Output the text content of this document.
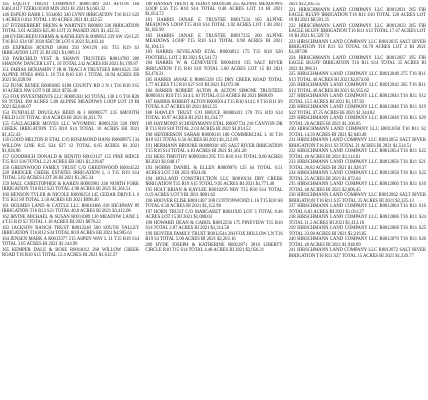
145 EQUITY TRUST COMPANY R0007489 250 AFTON OR E461,0117 TZERL01369 MIN 2021 B/ 2021 $1,663.32

146 ESPEJO BARB L 9334063 340 LYNN IRRIGATION T16 R13 S22 1 ACRES 0.034 TOTAL 1.09 ACRES 2021 $1,432.55

147 FITZHERBERT BRENS & WARTNEY R00669 330 IRRIGATION TOTAL 5.01 ACRES $25.00 LOT 23 PASSED 2021 $1,432.55

148 EVERGREEN FARMS & KATHLEEN R 0009853 239 SW 150 L25 T16 R13 S34 OF 2020 $567.90 LOT 6 2021 $1,463.16

149 EXPRESS ROUND 10684 250 SW11N 161 T15 R19 S3 IRRIGATION LOT 25 BI 2021 $1,089.12

150 FAIRCHILD VEST & SHAWN TRUSTEES R0014780 280 SHADOW DANCER LST L 10 TOTAL 242 ACRES EB 2021 $1,199.87

151 FARIAS BENJAMIN T JR & TRACI A TRUSTEES R0016321 350 ALPINE PINES 0003 L 10 T16 R10 S16 1 TOTAL 10.94 ACRES EB 2021 $1,020.90

152 FUNK RENEE R0003865 S180 COUNTY RD 3 N 1 T16 R10 S15 10 ACRES NW LOT 9 BI 2021 $756.40

153 FOX INVESTMENTS LLC R0005932 R3 TOTAL 130 L 0 T16 R20 S9 TOTAL 490 ACRES 5.00 ALPINE MEADOWS LOOP LOT 19 BI 2021 $2,846.07

154 FUNDALIZ DOUGLAS REED & J R0006577 235 SMOOTH FIELD LOT TOTAL 10.0 ACRES BI 2021 $1,021.79

155 GALLAGHER MOVES LLC WYOMING R0001258 320 DRY CREEK IRRIGATION T15 R18 S14 TOTAL 10 ACRES EB 2021 $1,452.43

156 GOOD MELTON R ETAL C/O ROSEMOND HANS R0009875 134 WILLOW LINE R15 S24 S27 12 TOTAL 6.65 ACRES BI 2021 $1,034.96

157 GOODRICH DONALD & BENITO R0013127 155 PINE RIDGE T15 R11 S16 TOTAL 2.21 ACRES EB 2021 $1,218.87

158 GREENWOOD FAMILY TRUST C/O GREENWOOD R0014522 320 BRIDGER CREEK ESTATES IRRIGATION L 3 T15 R19 S14 TOTAL 5.02 ACRES LOT 28 BI 2021 $1,205.34

159 HALL CHRISTOPHER & KAREN R0003901 240 NORTH FORK IRRIGATION T16 R12 S23 TOTAL 4.98 ACRES BI 2021 $1,361.51

160 HENSON TYLER & NICOLE R0006254 145 CEDAR DRIVE L 6 T15 R11 S9 TOTAL 2.50 ACRES EB 2021 $998.40

161 HOLMES LAND & CATTLE LLC R0010466 410 HIGHWAY 89 IRRIGATION T16 R13 S21 TOTAL 40.0 ACRES BI 2021 $3,412.08

162 IRVINE MICHAEL & SUSAN R0011089 130 MEADOW LANE L 4 T15 R19 S3 TOTAL 1.18 ACRES BI 2021 $876.22

163 JACKSON RANCH TRUST R0012240 500 SOUTH VALLEY IRRIGATION T16 R12 S34 TOTAL 80.0 ACRES EB 2021 $4,905.61

164 JENSEN MARK A R0013377 215 ASPEN WAY L 11 T15 R18 S14 TOTAL 3.05 ACRES BI 2021 $1,144.90

165 KEMPER DALE & ROSE R0014012 260 WILLOW CREEK ROAD T16 R10 S15 TOTAL 12.4 ACRES BI 2021 $1,612.37

180 HANSEN TRENT & TEDDY R0010586 255 ALPINE MEADOWS LOOP L16 T15 R10 S14 TOTAL 0.48 ACRES LOT 14 BI 2021 $1,054.72

181 HARRIS JANAE E TRUSTEE R0017234 165 ALPINE MEADOWS LOOP T15 R10 S14 TOTAL 1.02 ACRES LOT 1 BI 2021 $1,185.90

182 HARRIS JANAE E TRUSTEE R0017235 260 ALPINE MEADOWS LOOP T15 R10 S14 TOTAL 0.98 ACRES BI 2021 $1,104.13

183 HARRIS SEVELAND ETAL R0004812 175 T15 R10 S20 FOOTHILL LOT 2 BI 2021 $1,541.73

184 HARRIS W & GENEVIEVE R0004910 135 SALT RIVER IRRIGATION T15 R10 S18 TOTAL 5.00 ACRES LOT 15 BI 2021 $3,476.21

185 HARRIS JANAE E R0005328 155 DRY CREEK ROAD TOTAL 1.77 ACRES T15 R10 S27 S19 BI 2021 $1,072.88

186 HARRIS ROBERT ALTON & ALTON SIMONE TRUSTEES R0005011 R10 T15 S14 L 10 TOTAL 0.53 ACRES BI 2021 $888.09

187 HARRIS ROBERT ALTON R0005014 T15 R10 S14 L 8 T16 R11 S9 TOTAL 0.37 ACRES BI 2021 $612.55

188 HAWLEY TRUST C/O BRUCE R0006433 170 T15 R19 S14 TOTAL 10.97 ACRES BI 2021 $1,234.77

189 HAYMOND SCHOENMANN ETAL R0007734 210 CANYON DR B T15 R10 S10 TOTAL 2.03 ACRES BI 2021 $1,014.52

190 HENDERSON SARAH R0008116 180 COMMERCIAL L 10 T16 R10 S31 TOTAL 0.56 ACRES BI 2021 $1,212.89

191 HERMANN BROOKE R0008920 185 SALT RIVER IRRIGATION T15 R10 S14 TOTAL 4.10 ACRES BI 2021 $1,361.20

192 HESS TIMOTHY R0009204 295 T15 R10 S14 TOTAL 0.60 ACRES BI 2021 $1,048.17

193 HOBBS DANIEL & ELLEN R0009876 125 S4 TOTAL 0.51 ACRES LOT 3 BI 2021 $924.66

194 HOLLAND CONSTRUCTION LLC R0010134 DRY CREEK IRRIGATION T15 R19 S15 TOTAL 9.95 ACRES BI 2021 $1,771.40

195 HOLT BRIAN & KAYLEE R0010295 NBY T15 R10 S14 TOTAL 0.19 ACRES LOT 9 BI 2021 $801.62

196 HOOVER ELISE R0011487 208 COTTONWOOD L 16 T15 R10 S8 TOTAL 0.50 ACRES BI 2021 $1,152.98

197 HORN TRUST C/O MARGARET R0011920 LOT 3 TOTAL 0.46 ACRES LOT 15 BI 2021 $1,088.04

198 HOWARD DEAN & CAROL R0012256 175 PINEVIEW T15 R10 S14 TOTAL 2.87 ACRES BI 2021 $1,314.58

199 HUNTER FAMILY TRUST R0012544 260 FOX HOLLOW LN T16 R19 S3 TOTAL 5.00 ACRES BI 2021 $2,203.16

200 HYDE JOSEPH & KATHERINE R0012871 2810 LIBERTY CIRCLE R10 T15 S14 TOTAL 4.48 ACRES BI 2021 $2,056.21

2021 $12,305.55

221 HIRSCHMANN LAND COMPANY LLC R0012031 265 FIR EAGLE BLUFF IRRIGATION T16 R11 S10 TOTAL 120 ACRES LOT 18 BI 2021 $8,501.25

222 HIRSCHMANN LAND COMPANY LLC R0012033 265 FIR EAGLE BLUFF IRRIGATION T16 R11 S13 TOTAL 17.47 ACRES LOT 18 BI 2021 $1,329.74

223 HIRSCHMANN LAND COMPANY LLC R0012035 SALT RIVER IRRIGATION T16 R11 S3 TOTAL 16.76 ACRES LOT 2 BI 2021 $3,487.00

224 HIRSCHMANN LAND COMPANY LLC R0012037 395 FIR EAGLE BLUFF IRRIGATION T16 R11 S14 TOTAL 35 ACRES BI 2021 $1,986.31

225 HIRSCHMANN LAND COMPANY LLC R0012040 275 T16 R11 S13 TOTAL 40 ACRES BI 2021 $2,874.60

226 HIRSCHMANN LAND COMPANY LLC R0012042 265 T16 R11 S13 TOTAL 40 ACRES BI 2021 $1,955.62

227 HIRSCHMANN LAND COMPANY LLC R0012044 T16 R11 S12 TOTAL 15.5 ACRES BI 2021 $1,197.92

228 HIRSCHMANN LAND COMPANY LLC R0012046 T16 R11 S19 S22 TOTAL 47.25 ACRES BI 2021 $1,344.82

229 HIRSCHMANN LAND COMPANY LLC R0012048 T16 R11 S20 TOTAL 20 ACRES BI 2021 $1,106.05

230 HIRSCHMANN LAND COMPANY LLC R0012050 T16 R11 S2 TOTAL 14.59 ACRES BI 2021 $2,640.48

231 HIRSCHMANN LAND COMPANY LLC R0012052 SALT RIVER IRRIGATION T16 R11 S3 TOTAL 21 ACRES BI 2021 $1,514.51

232 HIRSCHMANN LAND COMPANY LLC R0012054 T16 R11 S22 TOTAL 40 ACRES BI 2021 $3,114.81

233 HIRSCHMANN LAND COMPANY LLC R0012056 T16 R11 S21 TOTAL 30.82 ACRES BI 2021 $1,928.37

234 HIRSCHMANN LAND COMPANY LLC R0012058 T16 R11 S22 TOTAL 25 ACRES BI 2021 $1,872.64

235 HIRSCHMANN LAND COMPANY LLC R0012060 T16 R11 S10 TOTAL 40 ACRES BI 2021 $2,006.45

236 HIRSCHMANN LAND COMPANY LLC R0012062 SALT RIVER IRRIGATION T16 R11 S15 TOTAL 35 ACRES BI 2021 $2,325.13

237 HIRSCHMANN LAND COMPANY LLC R0012064 T16 R11 S16 TOTAL 6.03 ACRES BI 2021 $1,011.27

238 HIRSCHMANN LAND COMPANY LLC R0012066 T16 R11 S24 TOTAL 11.5 ACRES BI 2021 $1,413.18

239 HIRSCHMANN LAND COMPANY LLC R0012068 T16 R11 S25 TOTAL 33.08 ACRES BI 2021 $2,216.85

240 HIRSCHMANN LAND COMPANY LLC R0012070 T16 R11 S26 TOTAL 40 ACRES BI 2021 $1,948.09

241 HIRSCHMANN LAND COMPANY LLC R0012072 SALT RIVER IRRIGATION T16 R11 S27 TOTAL 15 ACRES BI 2021 $1,320.77
